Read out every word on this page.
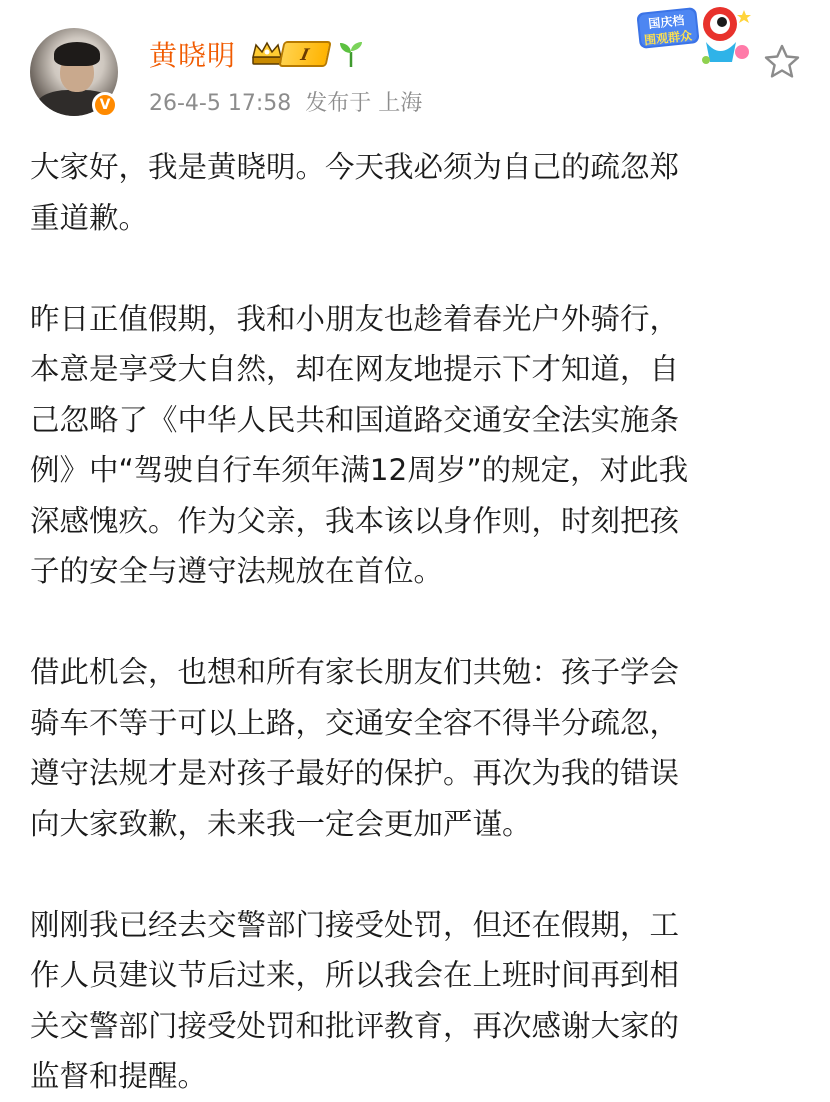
V
黄晓明	I
26-4-5 17:58 发布于 上海
国庆档
围观群众

大家好，我是黄晓明。今天我必须为自己的疏忽郑
重道歉。

昨日正值假期，我和小朋友也趁着春光户外骑行，
本意是享受大自然，却在网友地提示下才知道，自
己忽略了《中华人民共和国道路交通安全法实施条
例》中“驾驶自行车须年满12周岁”的规定，对此我
深感愧疚。作为父亲，我本该以身作则，时刻把孩
子的安全与遵守法规放在首位。

借此机会，也想和所有家长朋友们共勉：孩子学会
骑车不等于可以上路，交通安全容不得半分疏忽，
遵守法规才是对孩子最好的保护。再次为我的错误
向大家致歉，未来我一定会更加严谨。

刚刚我已经去交警部门接受处罚，但还在假期，工
作人员建议节后过来，所以我会在上班时间再到相
关交警部门接受处罚和批评教育，再次感谢大家的
监督和提醒。
